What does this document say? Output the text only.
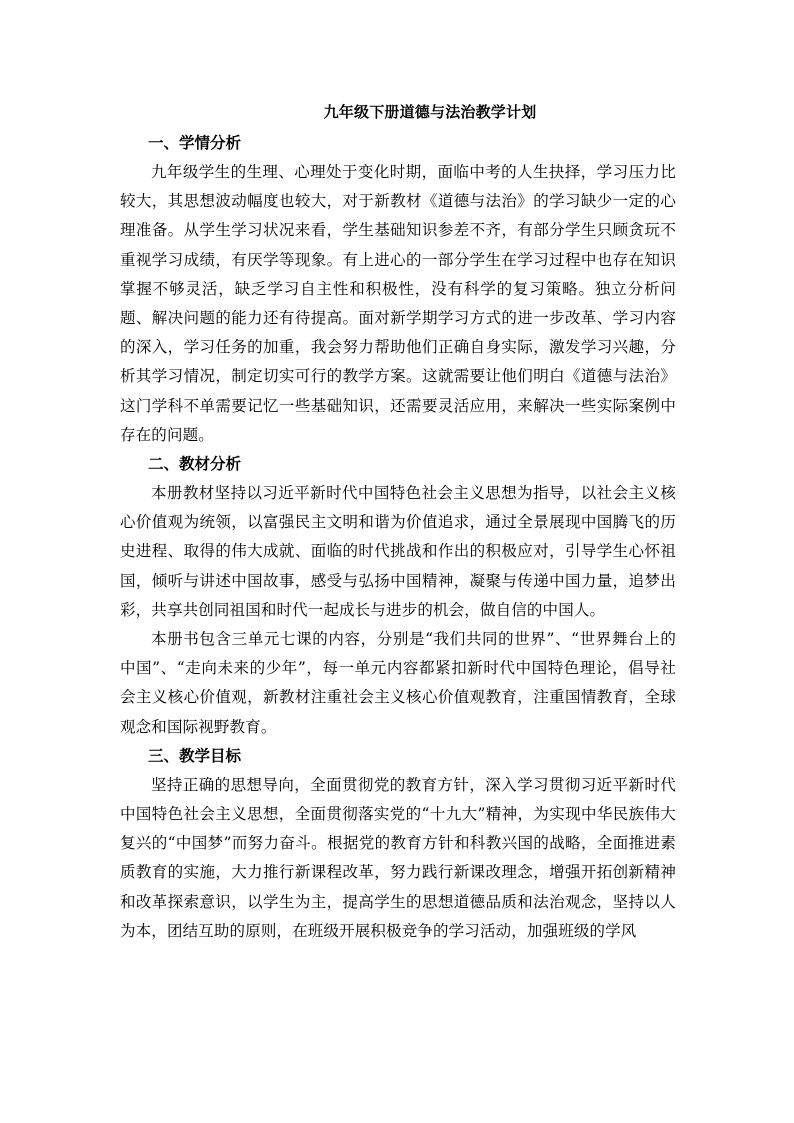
九年级下册道德与法治教学计划
一、学情分析

九年级学生的生理、心理处于变化时期，面临中考的人生抉择，学习压力比较大，其思想波动幅度也较大，对于新教材《道德与法治》的学习缺少一定的心理准备。从学生学习状况来看，学生基础知识参差不齐，有部分学生只顾贪玩不重视学习成绩，有厌学等现象。有上进心的一部分学生在学习过程中也存在知识掌握不够灵活，缺乏学习自主性和积极性，没有科学的复习策略。独立分析问题、解决问题的能力还有待提高。面对新学期学习方式的进一步改革、学习内容的深入，学习任务的加重，我会努力帮助他们正确自身实际，激发学习兴趣，分析其学习情况，制定切实可行的教学方案。这就需要让他们明白《道德与法治》这门学科不单需要记忆一些基础知识，还需要灵活应用，来解决一些实际案例中存在的问题。

二、教材分析

本册教材坚持以习近平新时代中国特色社会主义思想为指导，以社会主义核心价值观为统领，以富强民主文明和谐为价值追求，通过全景展现中国腾飞的历史进程、取得的伟大成就、面临的时代挑战和作出的积极应对，引导学生心怀祖国，倾听与讲述中国故事，感受与弘扬中国精神，凝聚与传递中国力量，追梦出彩，共享共创同祖国和时代一起成长与进步的机会，做自信的中国人。

本册书包含三单元七课的内容，分别是“我们共同的世界”、“世界舞台上的中国”、“走向未来的少年”，每一单元内容都紧扣新时代中国特色理论，倡导社会主义核心价值观，新教材注重社会主义核心价值观教育，注重国情教育，全球观念和国际视野教育。

三、教学目标

坚持正确的思想导向，全面贯彻党的教育方针，深入学习贯彻习近平新时代中国特色社会主义思想，全面贯彻落实党的“十九大”精神，为实现中华民族伟大复兴的“中国梦”而努力奋斗。根据党的教育方针和科教兴国的战略，全面推进素质教育的实施，大力推行新课程改革，努力践行新课改理念，增强开拓创新精神和改革探索意识，以学生为主，提高学生的思想道德品质和法治观念，坚持以人为本，团结互助的原则，在班级开展积极竞争的学习活动，加强班级的学风
